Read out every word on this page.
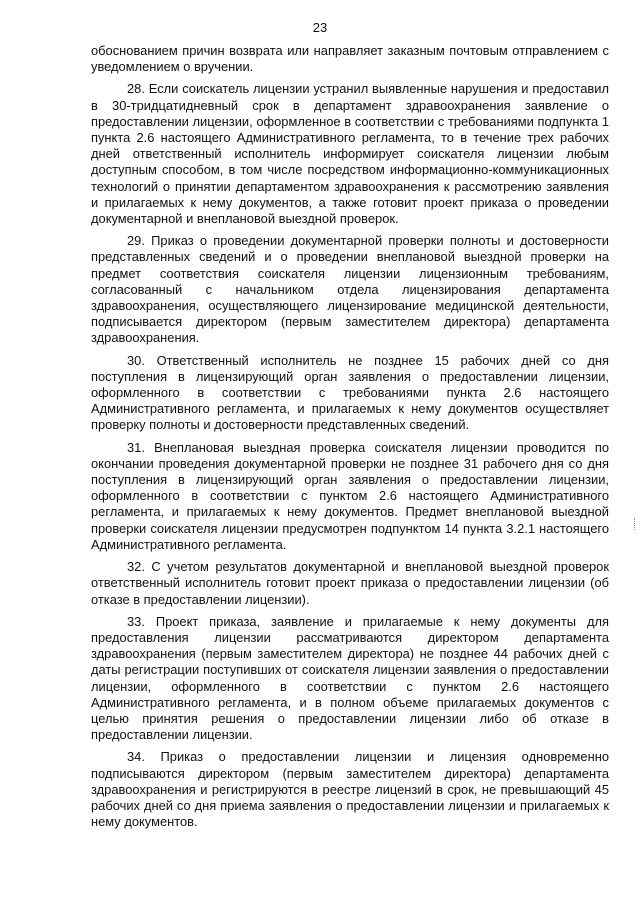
23

обоснованием причин возврата или направляет заказным почтовым отправлением с уведомлением о вручении.

28. Если соискатель лицензии устранил выявленные нарушения и предоставил в 30-тридцатидневный срок в департамент здравоохранения заявление о предоставлении лицензии, оформленное в соответствии с требованиями подпункта 1 пункта 2.6 настоящего Административного регламента, то в течение трех рабочих дней ответственный исполнитель информирует соискателя лицензии любым доступным способом, в том числе посредством информационно-коммуникационных технологий о принятии департаментом здравоохранения к рассмотрению заявления и прилагаемых к нему документов, а также готовит проект приказа о проведении документарной и внеплановой выездной проверок.

29. Приказ о проведении документарной проверки полноты и достоверности представленных сведений и о проведении внеплановой выездной проверки на предмет соответствия соискателя лицензии лицензионным требованиям, согласованный с начальником отдела лицензирования департамента здравоохранения, осуществляющего лицензирование медицинской деятельности, подписывается директором (первым заместителем директора) департамента здравоохранения.

30. Ответственный исполнитель не позднее 15 рабочих дней со дня поступления в лицензирующий орган заявления о предоставлении лицензии, оформленного в соответствии с требованиями пункта 2.6 настоящего Административного регламента, и прилагаемых к нему документов осуществляет проверку полноты и достоверности представленных сведений.

31. Внеплановая выездная проверка соискателя лицензии проводится по окончании проведения документарной проверки не позднее 31 рабочего дня со дня поступления в лицензирующий орган заявления о предоставлении лицензии, оформленного в соответствии с пунктом 2.6 настоящего Административного регламента, и прилагаемых к нему документов. Предмет внеплановой выездной проверки соискателя лицензии предусмотрен подпунктом 14 пункта 3.2.1 настоящего Административного регламента.

32. С учетом результатов документарной и внеплановой выездной проверок ответственный исполнитель готовит проект приказа о предоставлении лицензии (об отказе в предоставлении лицензии).

33. Проект приказа, заявление и прилагаемые к нему документы для предоставления лицензии рассматриваются директором департамента здравоохранения (первым заместителем директора) не позднее 44 рабочих дней с даты регистрации поступивших от соискателя лицензии заявления о предоставлении лицензии, оформленного в соответствии с пунктом 2.6 настоящего Административного регламента, и в полном объеме прилагаемых документов с целью принятия решения о предоставлении лицензии либо об отказе в предоставлении лицензии.

34. Приказ о предоставлении лицензии и лицензия одновременно подписываются директором (первым заместителем директора) департамента здравоохранения и регистрируются в реестре лицензий в срок, не превышающий 45 рабочих дней со дня приема заявления о предоставлении лицензии и прилагаемых к нему документов.
